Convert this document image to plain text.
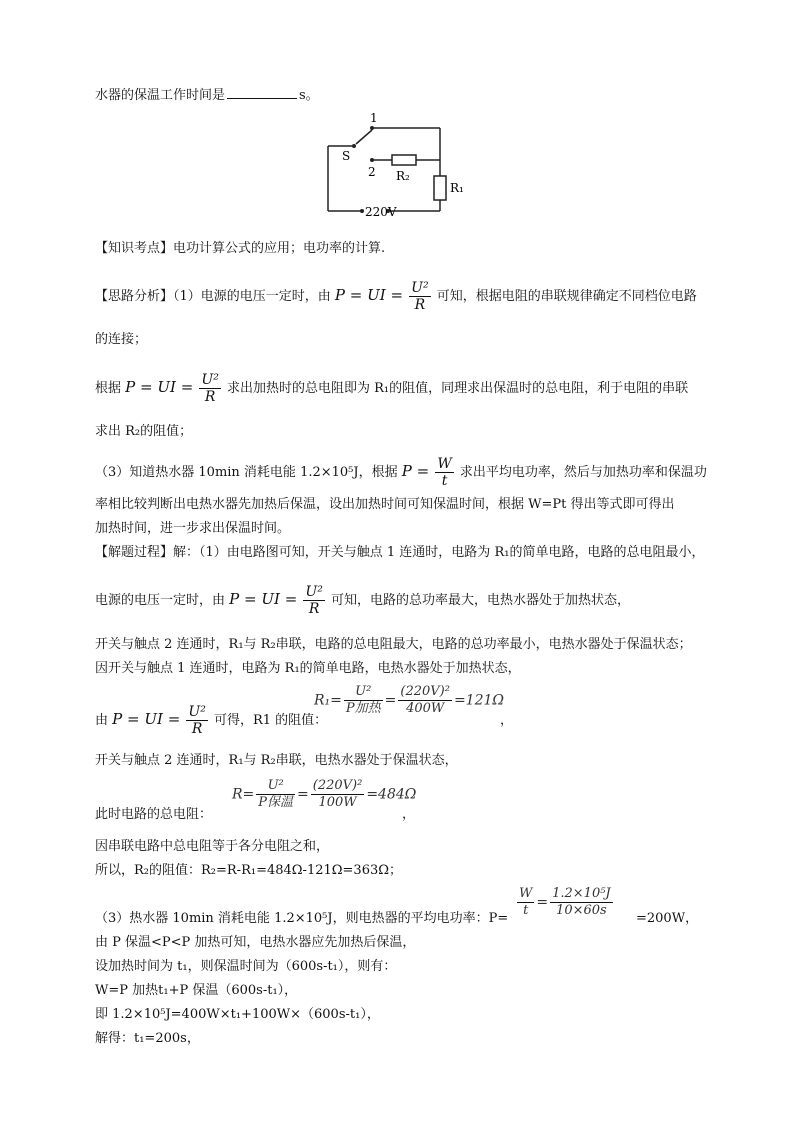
水器的保温工作时间是	s。
1
S
2 R₂
R₁
220V
【知识考点】电功计算公式的应用；电功率的计算.
【思路分析】（1）电源的电压一定时，由 P = UI = $\frac{\text{U²}}{R}$ 可知，根据电阻的串联规律确定不同档位电路
的连接；
根据 P = UI = $\frac{\text{U²}}{R}$ 求出加热时的总电阻即为 R₁的阻值，同理求出保温时的总电阻，利于电阻的串联
求出 R₂的阻值；
（3）知道热水器 10min 消耗电能 1.2×10⁵J，根据 $P = \frac{W}{t}$ 求出平均电功率，然后与加热功率和保温功
率相比较判断出电热水器先加热后保温，设出加热时间可知保温时间，根据 W=Pt 得出等式即可得出
加热时间，进一步求出保温时间。
【解题过程】解：（1）由电路图可知，开关与触点 1 连通时，电路为 R₁的简单电路，电路的总电阻最小，
电源的电压一定时，由 P = UI = $\frac{\text{U²}}{R}$ 可知，电路的总功率最大，电热水器处于加热状态，
开关与触点 2 连通时，R₁与 R₂串联，电路的总电阻最大，电路的总功率最小，电热水器处于保温状态；
因开关与触点 1 连通时，电路为 R₁的简单电路，电热水器处于加热状态，
由 P = UI = $\frac{\text{U²}}{R}$ 可得，R1 的阻值：
$R_1= \frac{\text{U²}}{\text{P加热}} = \frac{\text{(220V)²}}{400W} =121\Omega$
，
开关与触点 2 连通时，R₁与 R₂串联，电热水器处于保温状态，
此时电路的总电阻：
$R= \frac{\text{U²}}{\text{P保温}} = \frac{\text{(220V)²}}{100W} =484\Omega$
，
因串联电路中总电阻等于各分电阻之和，
所以，R₂的阻值：R₂=R-R₁=484Ω-121Ω=363Ω；
（3）热水器 10min 消耗电能 1.2×10⁵J，则电热器的平均电功率：$P= \frac{W}{t} = \frac{\text{1.2×10⁵J}}{10\times 60s} =200W$，
由 P 保温<P<P 加热可知，电热水器应先加热后保温，
设加热时间为 t₁，则保温时间为（600s-t₁），则有：
W=P 加热t₁+P 保温（600s-t₁），
即 1.2×10⁵J=400W×t₁+100W×（600s-t₁），
解得：t₁=200s，
